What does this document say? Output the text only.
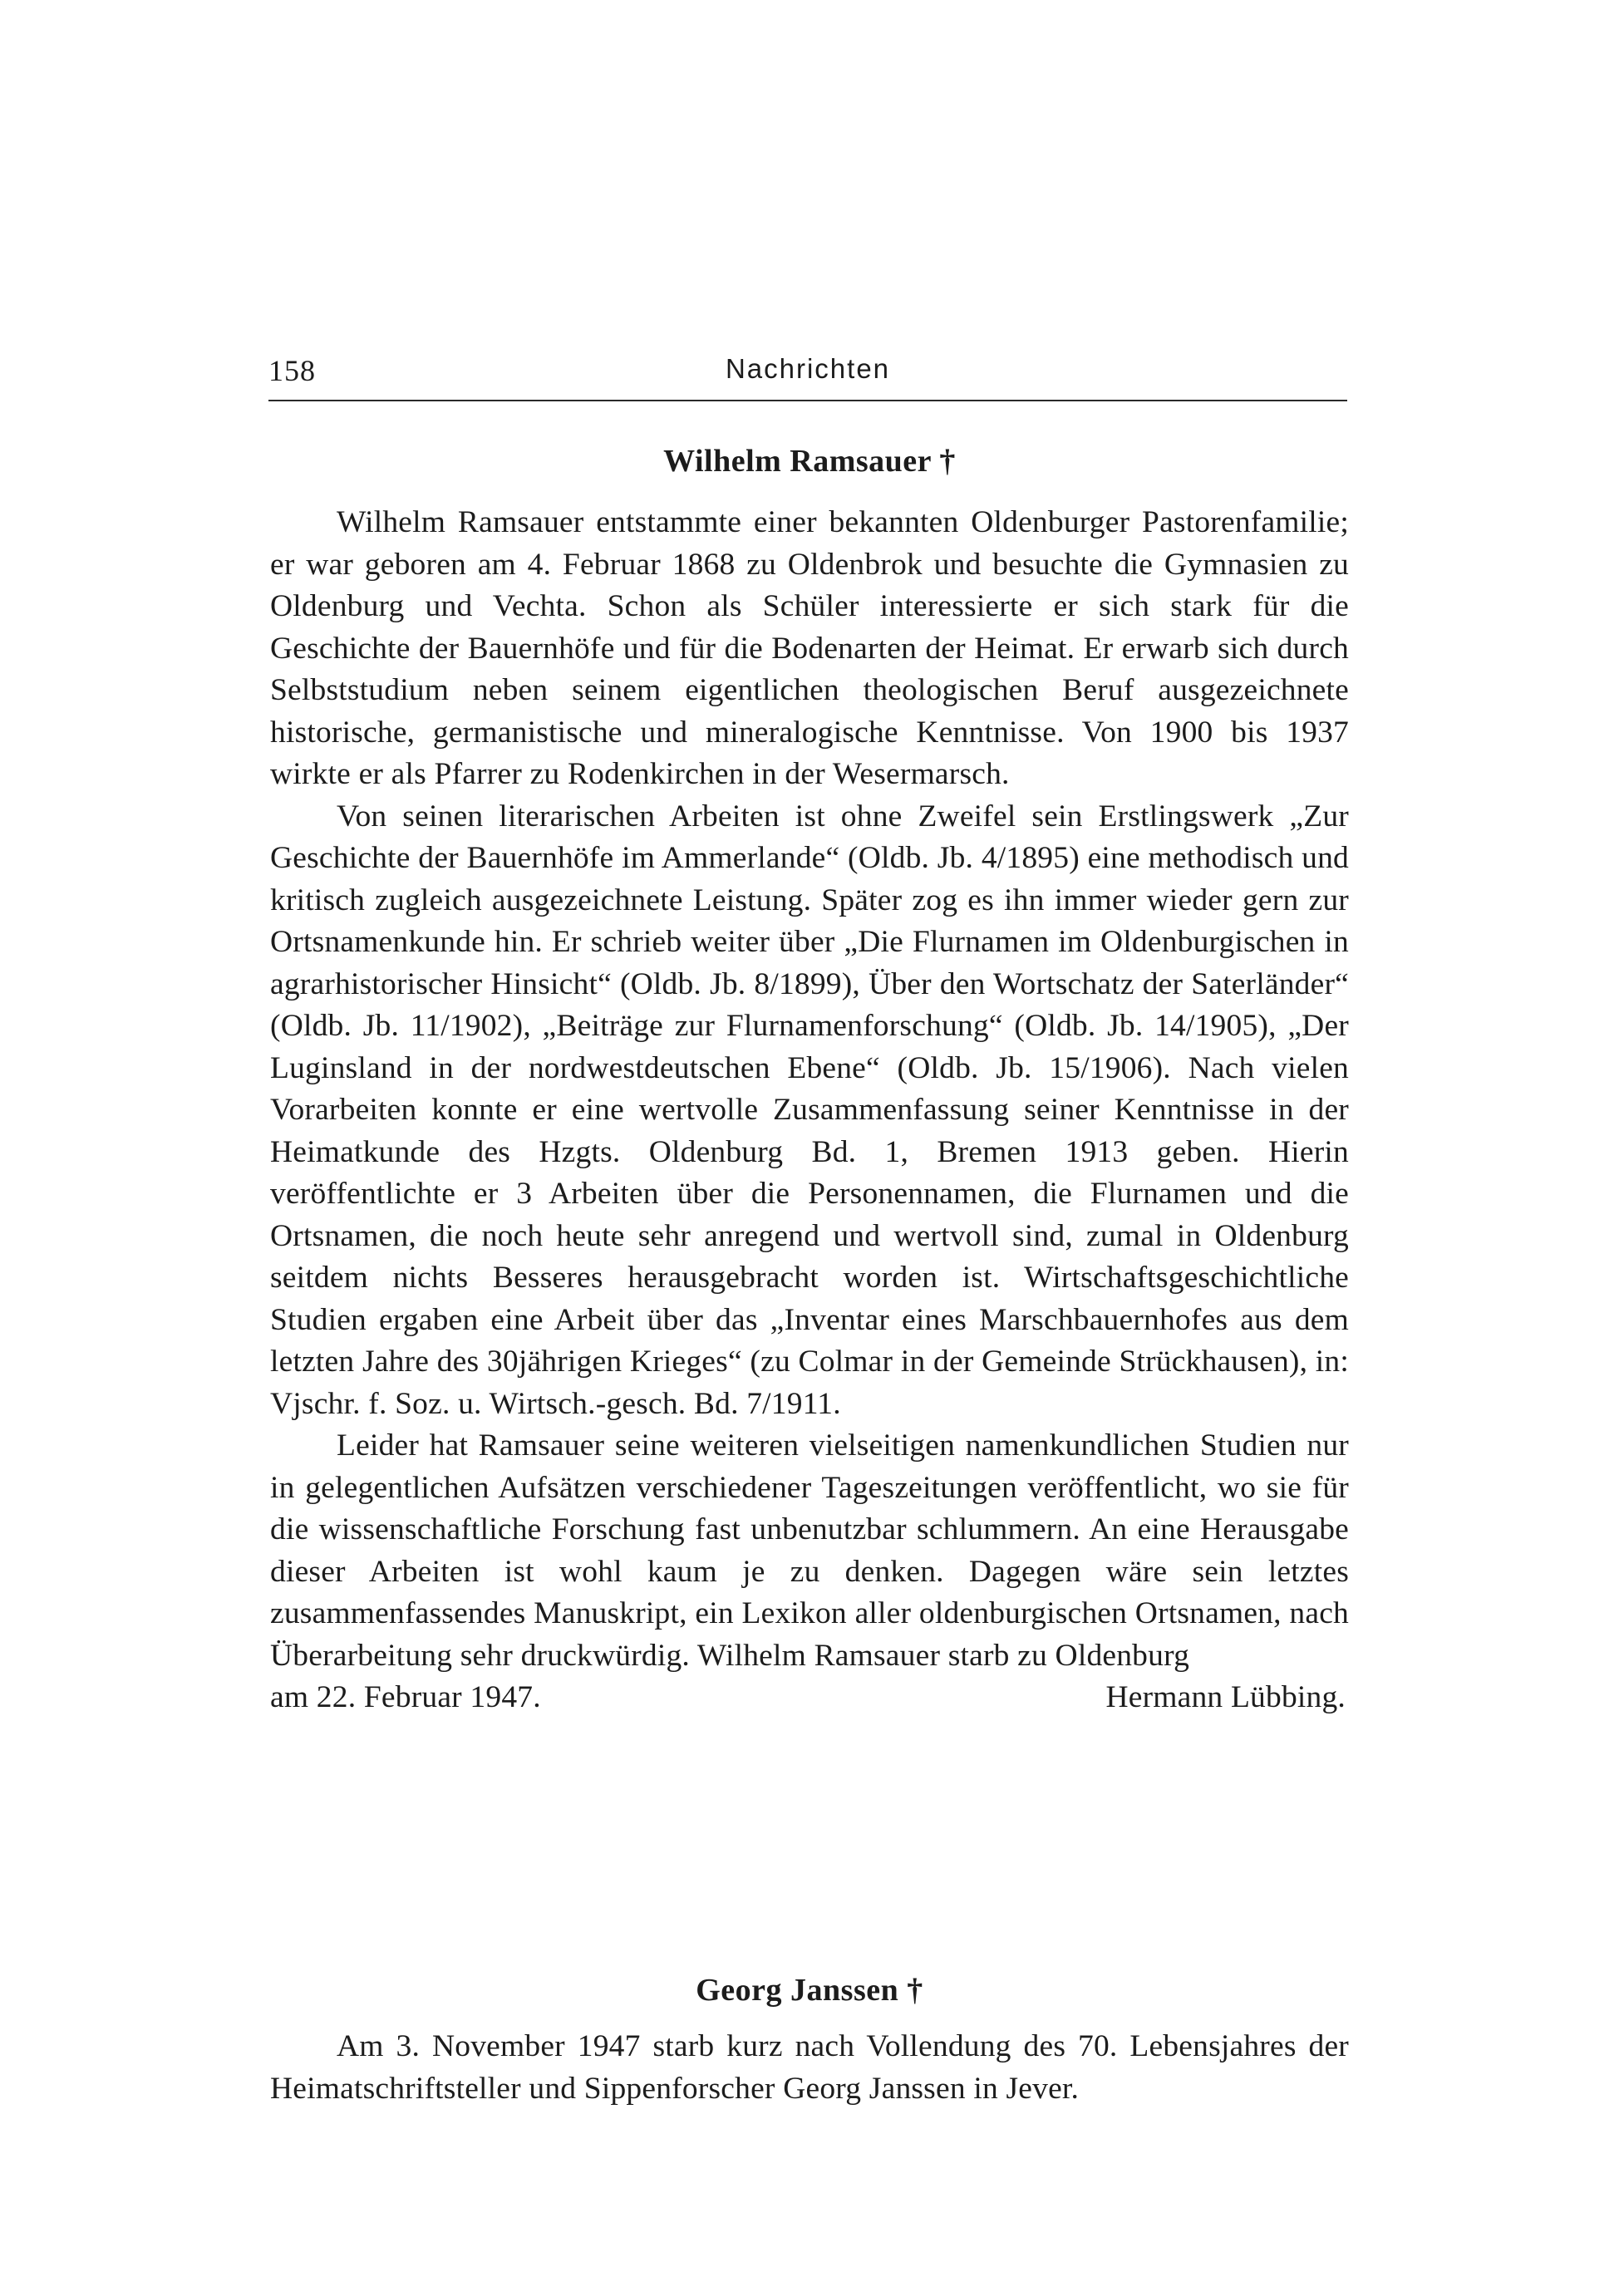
158	Nachrichten
Wilhelm Ramsauer †

Wilhelm Ramsauer entstammte einer bekannten Oldenburger Pastorenfamilie; er war geboren am 4. Februar 1868 zu Oldenbrok und besuchte die Gymnasien zu Oldenburg und Vechta. Schon als Schüler interessierte er sich stark für die Geschichte der Bauernhöfe und für die Bodenarten der Heimat. Er erwarb sich durch Selbststudium neben seinem eigentlichen theologischen Beruf ausgezeichnete historische, germanistische und mineralogische Kenntnisse. Von 1900 bis 1937 wirkte er als Pfarrer zu Rodenkirchen in der Wesermarsch.

Von seinen literarischen Arbeiten ist ohne Zweifel sein Erstlingswerk „Zur Geschichte der Bauernhöfe im Ammerlande“ (Oldb. Jb. 4/1895) eine methodisch und kritisch zugleich ausgezeichnete Leistung. Später zog es ihn immer wieder gern zur Ortsnamenkunde hin. Er schrieb weiter über „Die Flurnamen im Oldenburgischen in agrarhistorischer Hinsicht“ (Oldb. Jb. 8/1899), Über den Wortschatz der Saterländer“ (Oldb. Jb. 11/1902), „Beiträge zur Flurnamenforschung“ (Oldb. Jb. 14/1905), „Der Luginsland in der nordwestdeutschen Ebene“ (Oldb. Jb. 15/1906). Nach vielen Vorarbeiten konnte er eine wertvolle Zusammenfassung seiner Kenntnisse in der Heimatkunde des Hzgts. Oldenburg Bd. 1, Bremen 1913 geben. Hierin veröffentlichte er 3 Arbeiten über die Personennamen, die Flurnamen und die Ortsnamen, die noch heute sehr anregend und wertvoll sind, zumal in Oldenburg seitdem nichts Besseres herausgebracht worden ist. Wirtschaftsgeschichtliche Studien ergaben eine Arbeit über das „Inventar eines Marschbauernhofes aus dem letzten Jahre des 30jährigen Krieges“ (zu Colmar in der Gemeinde Strückhausen), in: Vjschr. f. Soz. u. Wirtsch.-gesch. Bd. 7/1911.

Leider hat Ramsauer seine weiteren vielseitigen namenkundlichen Studien nur in gelegentlichen Aufsätzen verschiedener Tageszeitungen veröffentlicht, wo sie für die wissenschaftliche Forschung fast unbenutzbar schlummern. An eine Herausgabe dieser Arbeiten ist wohl kaum je zu denken. Dagegen wäre sein letztes zusammenfassendes Manuskript, ein Lexikon aller oldenburgischen Ortsnamen, nach Überarbeitung sehr druckwürdig. Wilhelm Ramsauer starb zu Oldenburg

am 22. Februar 1947.	Hermann Lübbing.
Georg Janssen †

Am 3. November 1947 starb kurz nach Vollendung des 70. Lebensjahres der Heimatschriftsteller und Sippenforscher Georg Janssen in Jever.
